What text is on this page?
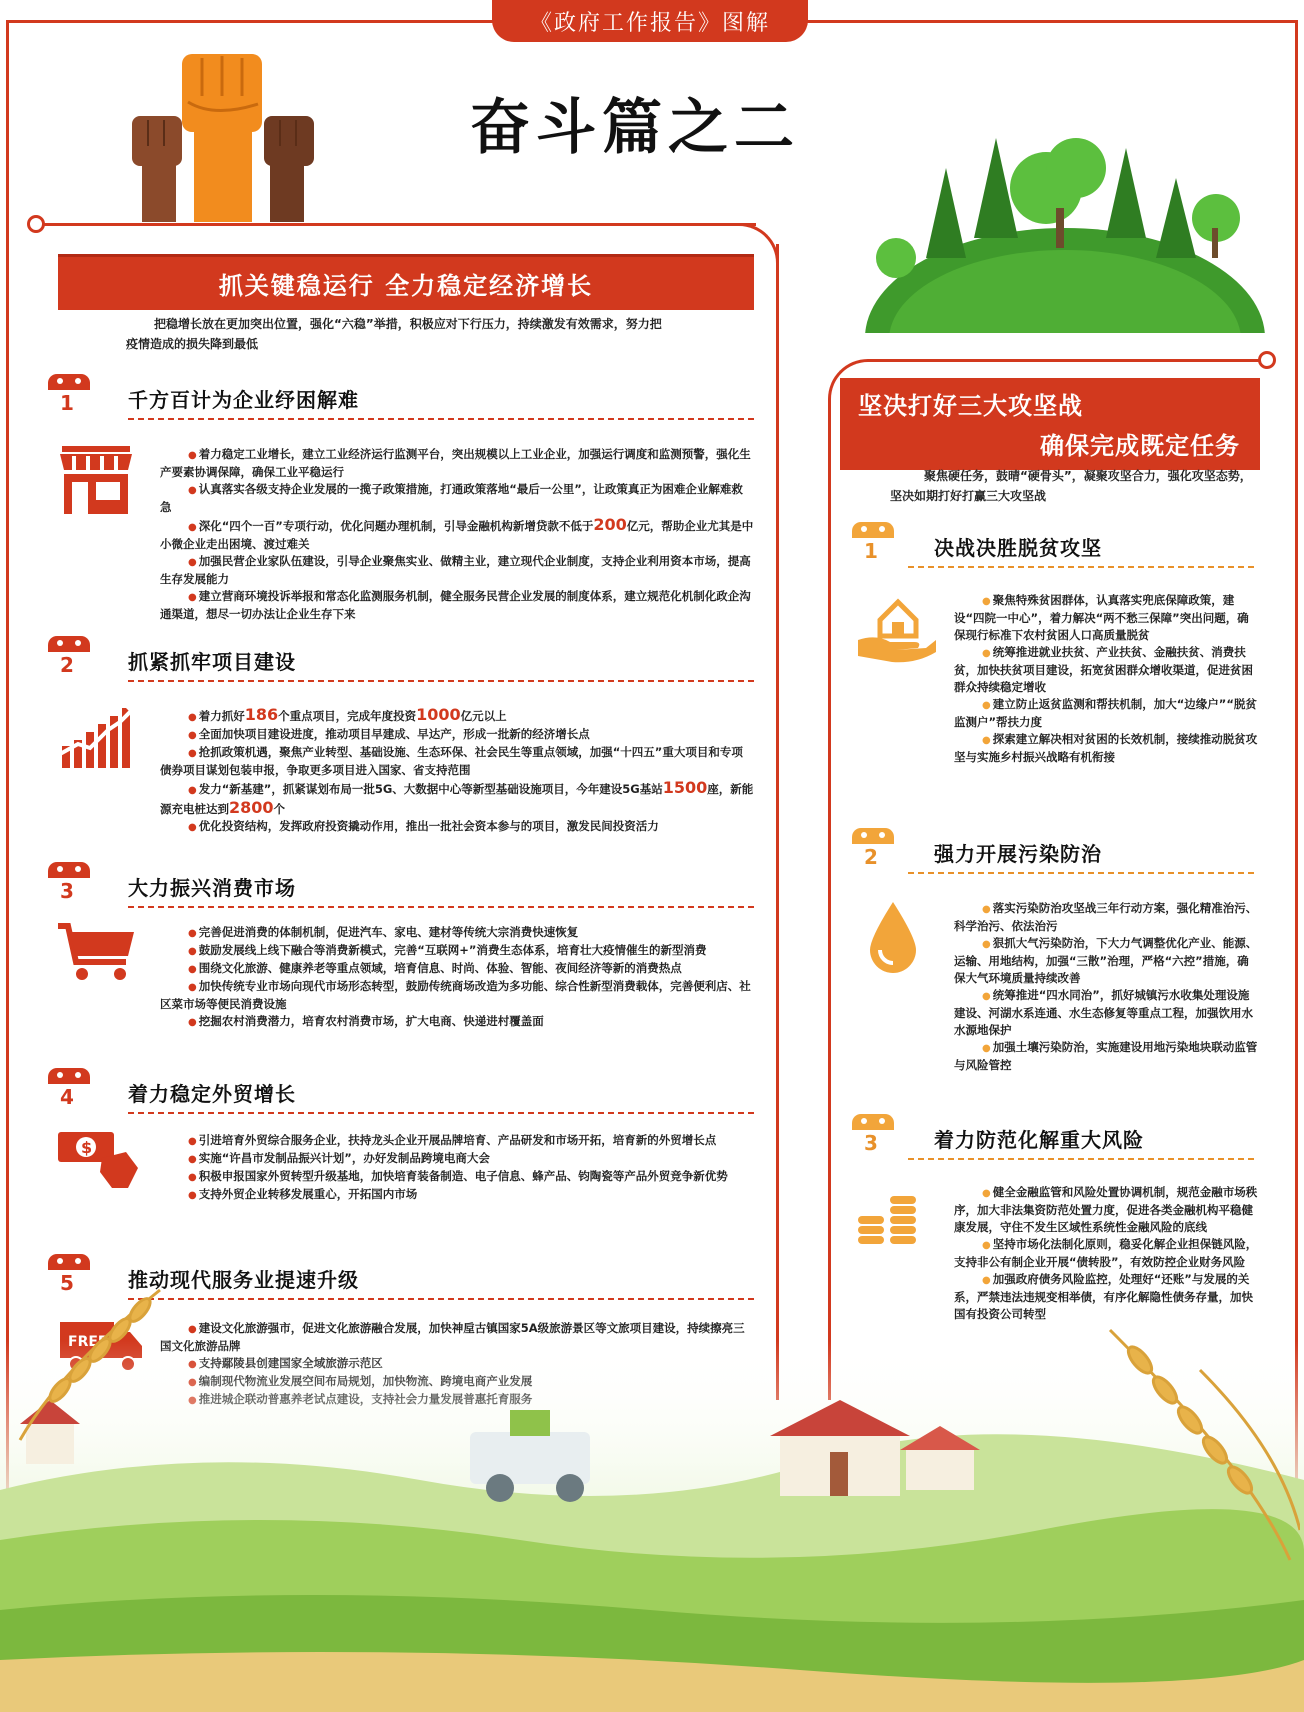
《政府工作报告》图解
奋斗篇之二
抓关键稳运行 全力稳定经济增长
把稳增长放在更加突出位置，强化“六稳”举措，积极应对下行压力，持续激发有效需求，努力把疫情造成的损失降到最低
1	千方百计为企业纾困解难

● 着力稳定工业增长，建立工业经济运行监测平台，突出规模以上工业企业，加强运行调度和监测预警，强化生产要素协调保障，确保工业平稳运行

● 认真落实各级支持企业发展的一揽子政策措施，打通政策落地“最后一公里”，让政策真正为困难企业解难救急

● 深化“四个一百”专项行动，优化问题办理机制，引导金融机构新增贷款不低于200亿元，帮助企业尤其是中小微企业走出困境、渡过难关

● 加强民营企业家队伍建设，引导企业聚焦实业、做精主业，建立现代企业制度，支持企业利用资本市场，提高生存发展能力

● 建立营商环境投诉举报和常态化监测服务机制，健全服务民营企业发展的制度体系，建立规范化机制化政企沟通渠道，想尽一切办法让企业生存下来

2	抓紧抓牢项目建设

● 着力抓好186个重点项目，完成年度投资1000亿元以上

● 全面加快项目建设进度，推动项目早建成、早达产，形成一批新的经济增长点

● 抢抓政策机遇，聚焦产业转型、基础设施、生态环保、社会民生等重点领域，加强“十四五”重大项目和专项债券项目谋划包装申报，争取更多项目进入国家、省支持范围

● 发力“新基建”，抓紧谋划布局一批5G、大数据中心等新型基础设施项目，今年建设5G基站1500座，新能源充电桩达到2800个

● 优化投资结构，发挥政府投资撬动作用，推出一批社会资本参与的项目，激发民间投资活力

3	大力振兴消费市场

● 完善促进消费的体制机制，促进汽车、家电、建材等传统大宗消费快速恢复

● 鼓励发展线上线下融合等消费新模式，完善“互联网+”消费生态体系，培育壮大疫情催生的新型消费

● 围绕文化旅游、健康养老等重点领域，培育信息、时尚、体验、智能、夜间经济等新的消费热点

● 加快传统专业市场向现代市场形态转型，鼓励传统商场改造为多功能、综合性新型消费载体，完善便利店、社区菜市场等便民消费设施

● 挖掘农村消费潜力，培育农村消费市场，扩大电商、快递进村覆盖面

4	着力稳定外贸增长
$

●	引进培育外贸综合服务企业，扶持龙头企业开展品牌培育、产品研发和市场开拓，培育新的外贸增长点

● 实施“许昌市发制品振兴计划”，办好发制品跨境电商大会

● 积极申报国家外贸转型升级基地，加快培育装备制造、电子信息、蜂产品、钧陶瓷等产品外贸竞争新优势

● 支持外贸企业转移发展重心，开拓国内市场

5	推动现代服务业提速升级

● 建设文化旅游强市，促进文化旅游融合发展，加快神垕古镇国家5A级旅游景区等文旅项目建设，持续擦亮三

●

●

●

坚决打好三大攻坚战
确保完成既定任务
聚焦硬任务，鼓晴“硬骨头”，凝聚攻坚合力，强化攻坚态势，坚决如期打好打赢三大攻坚战
1	决战决胜脱贫攻坚

● 聚焦特殊贫困群体，认真落实兜底保障政策，建设“四院一中心”，着力解决“两不愁三保障”突出问题，确保现行标准下农村贫困人口高质量脱贫

● 统筹推进就业扶贫、产业扶贫、金融扶贫、消费扶贫，加快扶贫项目建设，拓宽贫困群众增收渠道，促进贫困群众持续稳定增收

● 建立防止返贫监测和帮扶机制，加大“边缘户”“脱贫监测户”帮扶力度

● 探索建立解决相对贫困的长效机制，接续推动脱贫攻坚与实施乡村振兴战略有机衔接

2	强力开展污染防治

● 落实污染防治攻坚战三年行动方案，强化精准治污、科学治污、依法治污

● 狠抓大气污染防治，下大力气调整优化产业、能源、运输、用地结构，加强“三散”治理，严格“六控”措施，确保大气环境质量持续改善

● 统筹推进“四水同治”，抓好城镇污水收集处理设施建设、河湖水系连通、水生态修复等重点工程，加强饮用水水源地保护

● 加强土壤污染防治，实施建设用地污染地块联动监管与风险管控

3	着力防范化解重大风险

● 健全金融监管和风险处置协调机制，规范金融市场秩序，加大非法集资防范处置力度，促进各类金融机构平稳健康发展，守住不发生区域性系统性金融风险的底线

● 坚持市场化法制化原则，稳妥化解企业担保链风险，支持非公有制企业开展“债转股”，有效防控企业财务风险

● 加强政府债务风险监控，处理好“还账”与发展的关系，严禁违法违规变相举债，有序化解隐性债务存量，加快国有投资公司转型
